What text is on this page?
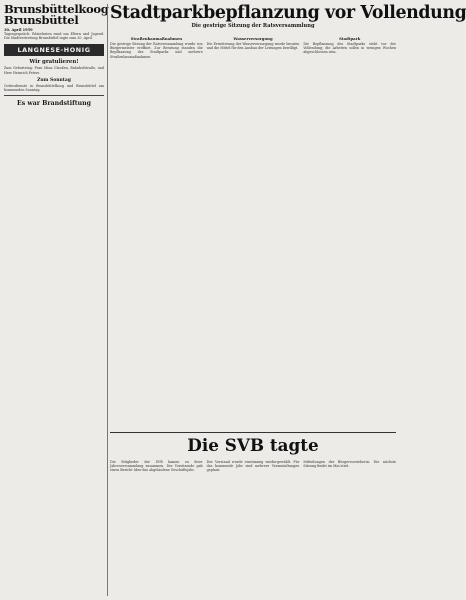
Brunsbüttelkoog
Brunsbüttel
30. April 1959
Tagesgespräch: Rätselraten rund um Eltern und Jugend. Die Stadtvertretung Brunsbüttel tagte zum 30. April.
LANGNESE-HONIG
Wir gratulieren!
Zum Geburtstag: Frau Mina Claußen, Bahnhofstraße, und Herr Heinrich Peters.
Zum Sonntag
Gottesdienste in Brunsbüttelkoog und Brunsbüttel am kommenden Sonntag.
Es war Brandstiftung
Stadtparkbepflanzung vor Vollendung
Die gestrige Sitzung der Ratsversammlung
Straßenbaumaßnahmen
Die gestrige Sitzung der Ratsversammlung wurde von Bürgermeister eröffnet. Zur Beratung standen die Bepflanzung des Stadtparks und mehrere Straßenbaumaßnahmen.
Wasserversorgung
Die Erweiterung der Wasserversorgung wurde beraten und die Mittel für den Ausbau der Leitungen bewilligt.
Stadtpark
Die Bepflanzung des Stadtparks steht vor der Vollendung; die Arbeiten sollen in wenigen Wochen abgeschlossen sein.
Die SVB tagte
Die Mitglieder der SVB kamen zu ihrer Jahresversammlung zusammen. Der Vorsitzende gab einen Bericht über das abgelaufene Geschäftsjahr.
Der Vorstand wurde einstimmig wiedergewählt. Für das kommende Jahr sind mehrere Veranstaltungen geplant.
Mitteilungen der Bürgervorsteherin: Die nächste Sitzung findet im Mai statt.
